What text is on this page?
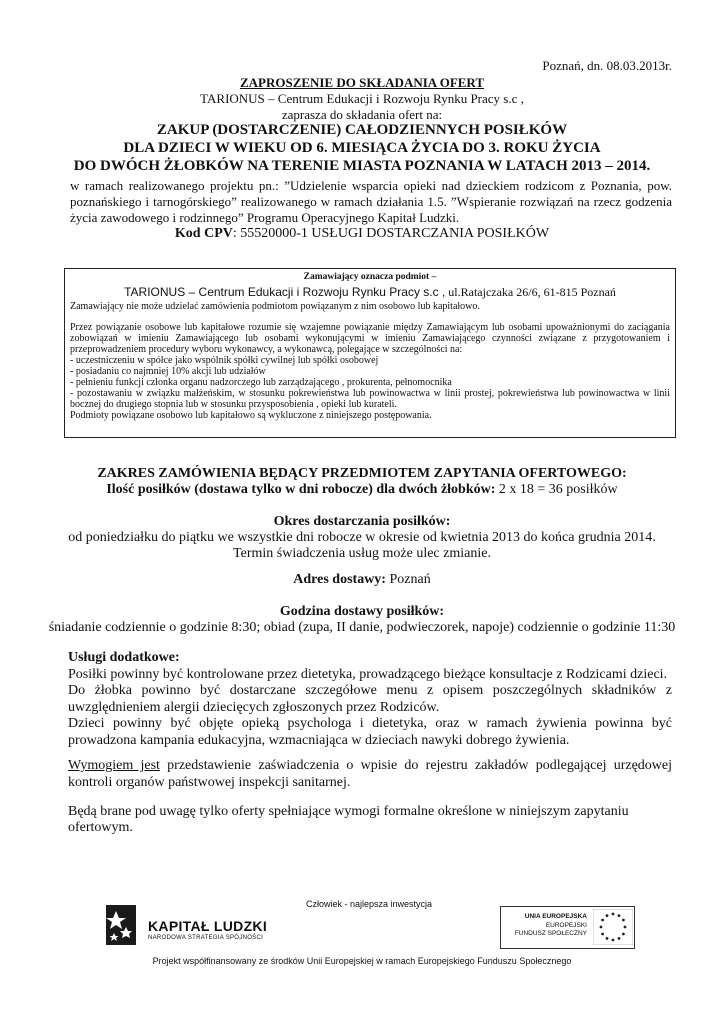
Poznań, dn. 08.03.2013r.
ZAPROSZENIE DO SKŁADANIA OFERT
TARIONUS – Centrum Edukacji i Rozwoju Rynku Pracy s.c ,
zaprasza do składania ofert na:
ZAKUP (DOSTARCZENIE) CAŁODZIENNYCH POSIŁKÓW
DLA DZIECI W WIEKU OD 6. MIESIĄCA ŻYCIA DO 3. ROKU ŻYCIA
DO DWÓCH ŻŁOBKÓW NA TERENIE MIASTA POZNANIA W LATACH 2013 – 2014.
w ramach realizowanego projektu pn.: ”Udzielenie wsparcia opieki nad dzieckiem rodzicom z Poznania, pow. poznańskiego i tarnogórskiego” realizowanego w ramach działania 1.5. ”Wspieranie rozwiązań na rzecz godzenia życia zawodowego i rodzinnego” Programu Operacyjnego Kapitał Ludzki.
Kod CPV: 55520000-1 USŁUGI DOSTARCZANIA POSIŁKÓW
Zamawiający oznacza podmiot –
TARIONUS – Centrum Edukacji i Rozwoju Rynku Pracy s.c , ul.Ratajczaka 26/6, 61-815 Poznań
Zamawiający nie może udzielać zamówienia podmiotom powiązanym z nim osobowo lub kapitałowo.
Przez powiązanie osobowe lub kapitałowe rozumie się wzajemne powiązanie między Zamawiającym lub osobami upoważnionymi do zaciągania zobowiązań w imieniu Zamawiającego lub osobami wykonującymi w imieniu Zamawiającego czynności związane z przygotowaniem i przeprowadzeniem procedury wyboru wykonawcy, a wykonawcą, polegające w szczególności na:
- uczestniczeniu w spółce jako wspólnik spółki cywilnej lub spółki osobowej
- posiadaniu co najmniej 10% akcji lub udziałów
- pełnieniu funkcji członka organu nadzorczego lub zarządzającego , prokurenta, pełnomocnika
- pozostawaniu w związku małżeńskim, w stosunku pokrewieństwa lub powinowactwa w linii prostej, pokrewieństwa lub powinowactwa w linii bocznej do drugiego stopnia lub w stosunku przysposobienia , opieki lub kurateli.
Podmioty powiązane osobowo lub kapitałowo są wykluczone z niniejszego postępowania.
ZAKRES ZAMÓWIENIA BĘDĄCY PRZEDMIOTEM ZAPYTANIA OFERTOWEGO:
Ilość posiłków (dostawa tylko w dni robocze) dla dwóch żłobków: 2 x 18 = 36 posiłków
Okres dostarczania posiłków:
od poniedziałku do piątku we wszystkie dni robocze w okresie od kwietnia 2013 do końca grudnia 2014.
Termin świadczenia usług może ulec zmianie.
Adres dostawy: Poznań
Godzina dostawy posiłków:
śniadanie codziennie o godzinie 8:30; obiad (zupa, II danie, podwieczorek, napoje) codziennie o godzinie 11:30
Usługi dodatkowe:
Posiłki powinny być kontrolowane przez dietetyka, prowadzącego bieżące konsultacje z Rodzicami dzieci.
Do żłobka powinno być dostarczane szczegółowe menu z opisem poszczególnych składników z uwzględnieniem alergii dziecięcych zgłoszonych przez Rodziców.
Dzieci powinny być objęte opieką psychologa i dietetyka, oraz w ramach żywienia powinna być prowadzona kampania edukacyjna, wzmacniająca w dzieciach nawyki dobrego żywienia.
Wymogiem jest przedstawienie zaświadczenia o wpisie do rejestru zakładów podlegającej urzędowej kontroli organów państwowej inspekcji sanitarnej.
Będą brane pod uwagę tylko oferty spełniające wymogi formalne określone w niniejszym zapytaniu ofertowym.
Człowiek - najlepsza inwestycja
KAPITAŁ LUDZKI
NARODOWA STRATEGIA SPÓJNOŚCI
UNIA EUROPEJSKA
EUROPEJSKI
FUNDUSZ SPOŁECZNY
Projekt współfinansowany ze środków Unii Europejskiej w ramach Europejskiego Funduszu Społecznego
